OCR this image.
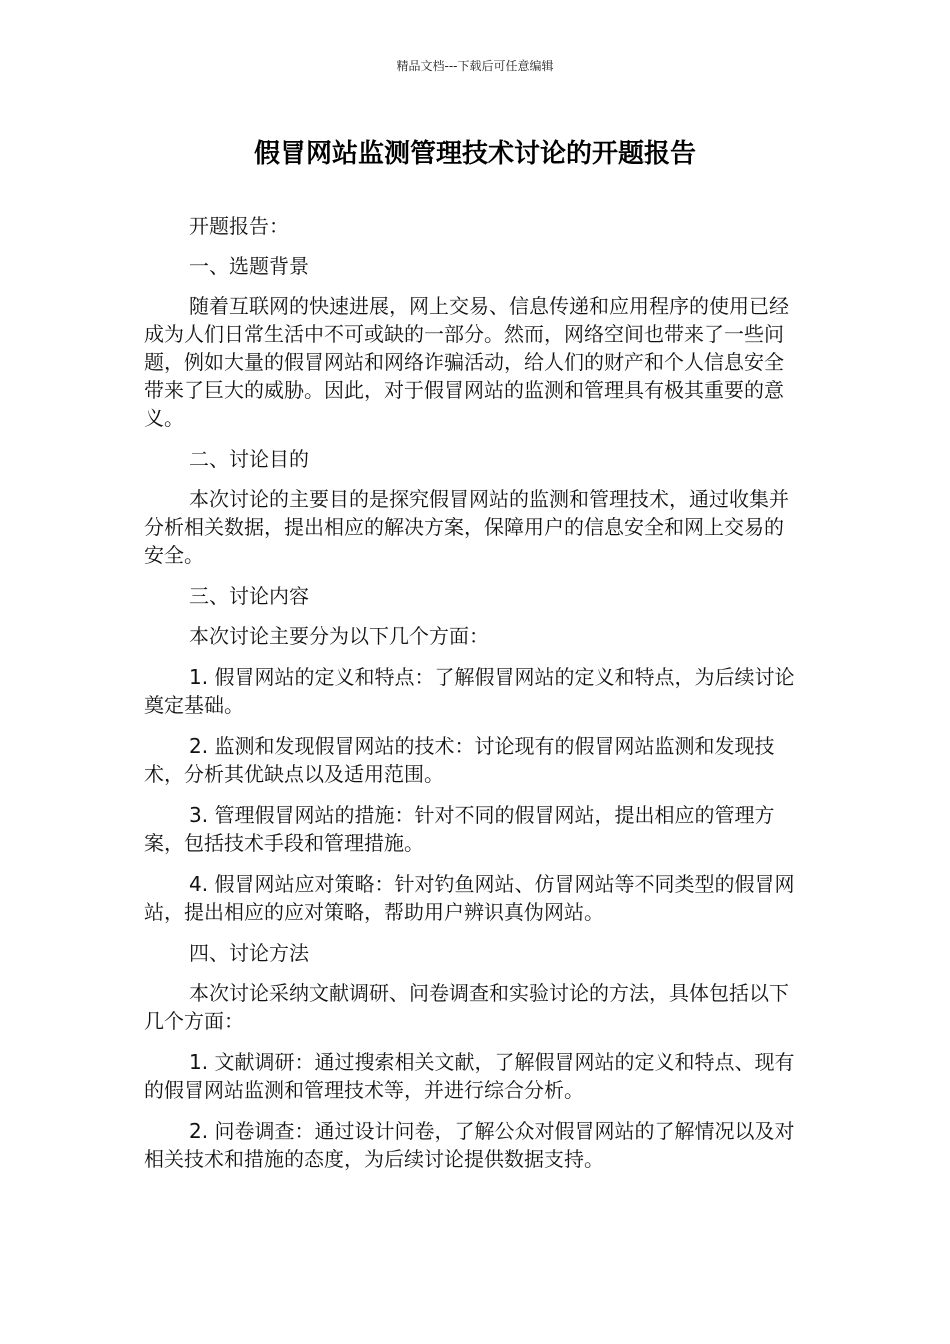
精品文档---下载后可任意编辑
假冒网站监测管理技术讨论的开题报告

开题报告：

一、选题背景

随着互联网的快速进展，网上交易、信息传递和应用程序的使用已经成为人们日常生活中不可或缺的一部分。然而，网络空间也带来了一些问题，例如大量的假冒网站和网络诈骗活动，给人们的财产和个人信息安全带来了巨大的威胁。因此，对于假冒网站的监测和管理具有极其重要的意义。

二、讨论目的

本次讨论的主要目的是探究假冒网站的监测和管理技术，通过收集并分析相关数据，提出相应的解决方案，保障用户的信息安全和网上交易的安全。

三、讨论内容

本次讨论主要分为以下几个方面：

1. 假冒网站的定义和特点：了解假冒网站的定义和特点，为后续讨论奠定基础。

2. 监测和发现假冒网站的技术：讨论现有的假冒网站监测和发现技术，分析其优缺点以及适用范围。

3. 管理假冒网站的措施：针对不同的假冒网站，提出相应的管理方案，包括技术手段和管理措施。

4. 假冒网站应对策略：针对钓鱼网站、仿冒网站等不同类型的假冒网站，提出相应的应对策略，帮助用户辨识真伪网站。

四、讨论方法

本次讨论采纳文献调研、问卷调查和实验讨论的方法，具体包括以下几个方面：

1. 文献调研：通过搜索相关文献，了解假冒网站的定义和特点、现有的假冒网站监测和管理技术等，并进行综合分析。

2. 问卷调查：通过设计问卷，了解公众对假冒网站的了解情况以及对相关技术和措施的态度，为后续讨论提供数据支持。
